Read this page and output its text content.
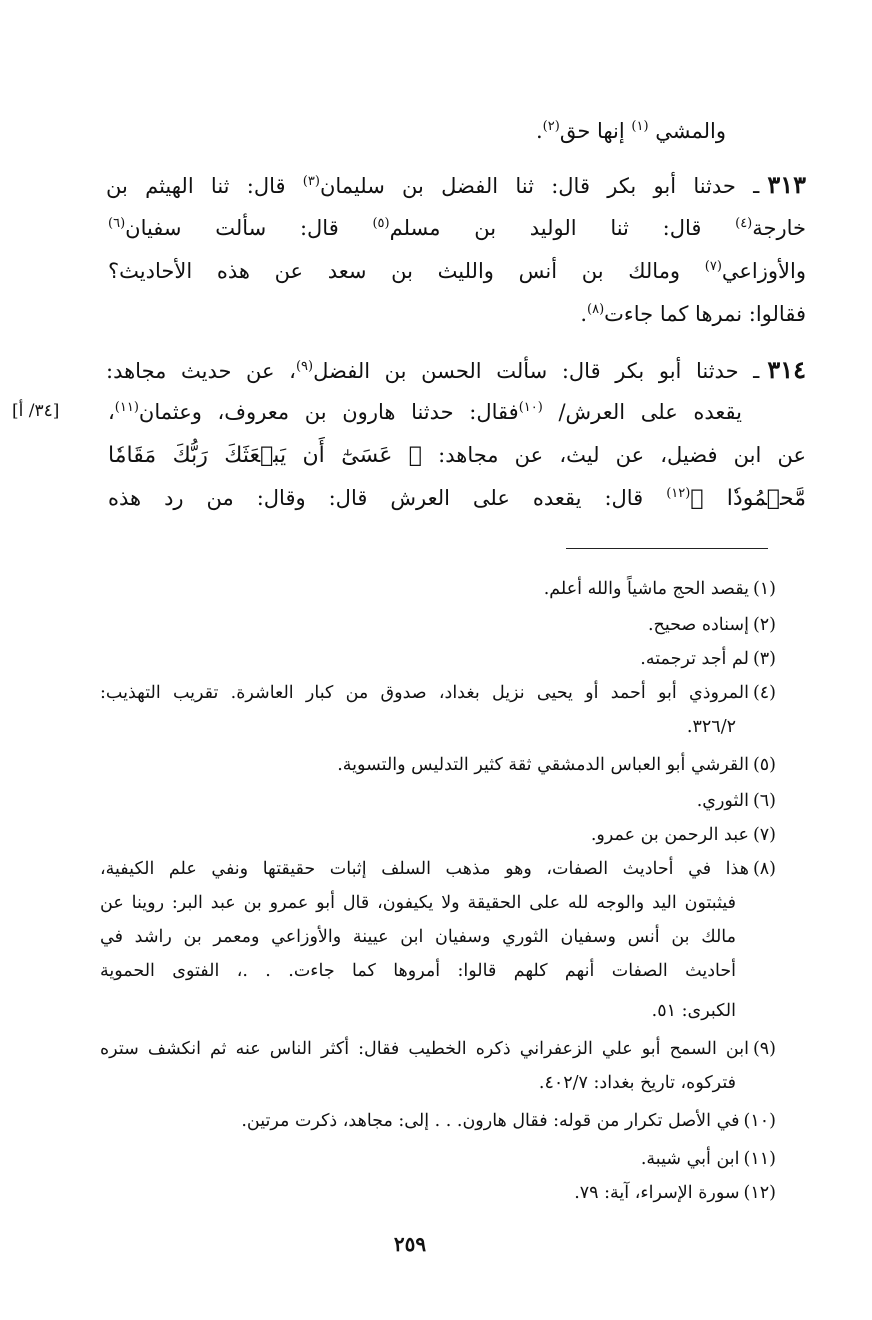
والمشي $^{(١)}$ إنها حق$^{(٢)}$.
٣١٣ـ حدثنا أبو بكر قال: ثنا الفضل بن سليمان$^{(٣)}$ قال: ثنا الهيثم بن
خارجة$^{(٤)}$ قال: ثنا الوليد بن مسلم$^{(٥)}$ قال: سألت سفيان$^{(٦)}$
والأوزاعي$^{(٧)}$ ومالك بن أنس والليث بن سعد عن هذه الأحاديث؟
فقالوا: نمرها كما جاءت$^{(٨)}$.
٣١٤ـ حدثنا أبو بكر قال: سألت الحسن بن الفضل$^{(٩)}$، عن حديث مجاهد:
يقعده على العرش/ $^{(١٠)}$فقال: حدثنا هارون بن معروف، وعثمان$^{(١١)}$،
[٣٤/ أ]
عن ابن فضيل، عن ليث، عن مجاهد: ﴿ عَسَىٰٓ أَن يَبۡعَثَكَ رَبُّكَ مَقَامٗا
مَّحۡمُودٗا ﴾$^{(١٢)}$ قال: يقعده على العرش قال: وقال: من رد هذه
(١)يقصد الحج ماشياً والله أعلم.
(٢)إسناده صحيح.
(٣)لم أجد ترجمته.
(٤)المروذي أبو أحمد أو يحيى نزيل بغداد، صدوق من كبار العاشرة. تقريب التهذيب:
٣٢٦/٢.
(٥)القرشي أبو العباس الدمشقي ثقة كثير التدليس والتسوية.
(٦)الثوري.
(٧)عبد الرحمن بن عمرو.
(٨)هذا في أحاديث الصفات، وهو مذهب السلف إثبات حقيقتها ونفي علم الكيفية،
فيثبتون اليد والوجه لله على الحقيقة ولا يكيفون، قال أبو عمرو بن عبد البر: روينا عن
مالك بن أنس وسفيان الثوري وسفيان ابن عيينة والأوزاعي ومعمر بن راشد في
أحاديث الصفات أنهم كلهم قالوا: أمروها كما جاءت. . .، الفتوى الحموية
الكبرى: ٥١.
(٩)ابن السمح أبو علي الزعفراني ذكره الخطيب فقال: أكثر الناس عنه ثم انكشف ستره
فتركوه، تاريخ بغداد: ٤٠٢/٧.
(١٠)في الأصل تكرار من قوله: فقال هارون. . . إلى: مجاهد، ذكرت مرتين.
(١١)ابن أبي شيبة.
(١٢)سورة الإسراء، آية: ٧٩.
٢٥٩
